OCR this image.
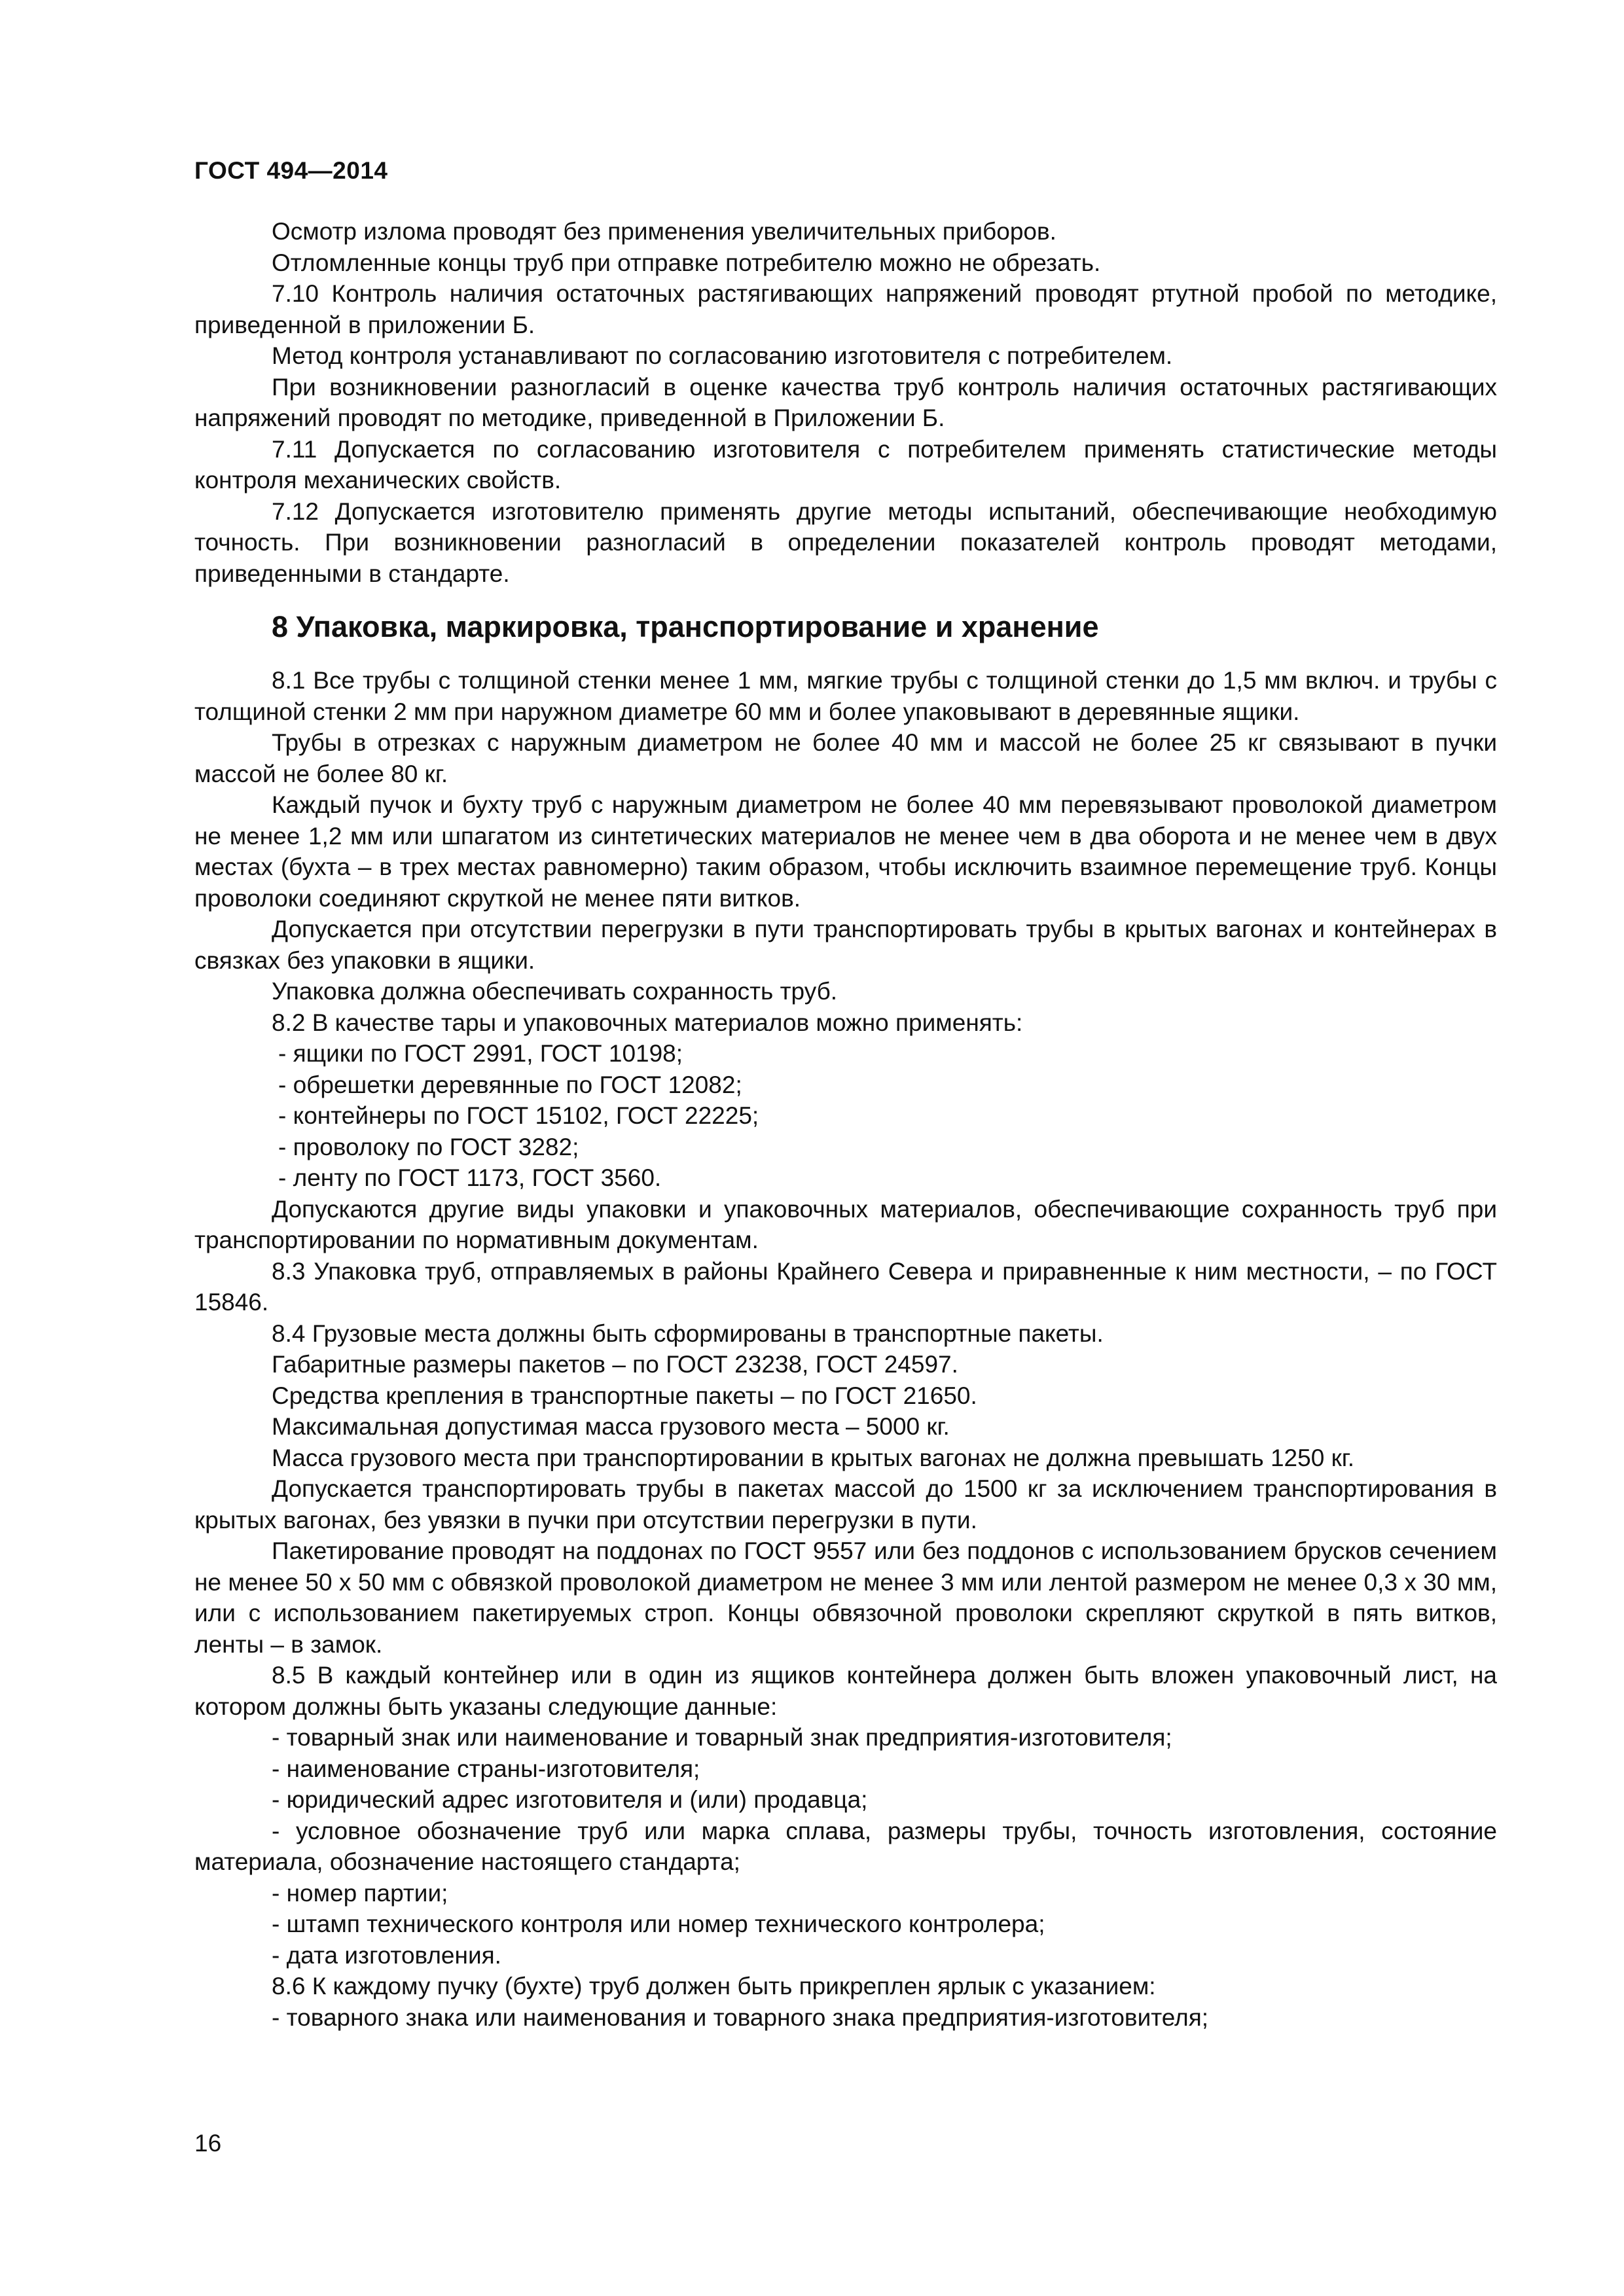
ГОСТ 494—2014

Осмотр излома проводят без применения увеличительных приборов.

Отломленные концы труб при отправке потребителю можно не обрезать.

7.10 Контроль наличия остаточных растягивающих напряжений проводят ртутной пробой по методике, приведенной в приложении Б.

Метод контроля устанавливают по согласованию изготовителя с потребителем.

При возникновении разногласий в оценке качества труб контроль наличия остаточных растягивающих напряжений проводят по методике, приведенной в Приложении Б.

7.11 Допускается по согласованию изготовителя с потребителем применять статистические методы контроля механических свойств.

7.12 Допускается изготовителю применять другие методы испытаний, обеспечивающие необходимую точность. При возникновении разногласий в определении показателей контроль проводят методами, приведенными в стандарте.

8 Упаковка, маркировка, транспортирование и хранение

8.1 Все трубы с толщиной стенки менее 1 мм, мягкие трубы с толщиной стенки до 1,5 мм включ. и трубы с толщиной стенки 2 мм при наружном диаметре 60 мм и более упаковывают в деревянные ящики.

Трубы в отрезках с наружным диаметром не более 40 мм и массой не более 25 кг связывают в пучки массой не более 80 кг.

Каждый пучок и бухту труб с наружным диаметром не более 40 мм перевязывают проволокой диаметром не менее 1,2 мм или шпагатом из синтетических материалов не менее чем в два оборота и не менее чем в двух местах (бухта – в трех местах равномерно) таким образом, чтобы исключить взаимное перемещение труб. Концы проволоки соединяют скруткой не менее пяти витков.

Допускается при отсутствии перегрузки в пути транспортировать трубы в крытых вагонах и контейнерах в связках без упаковки в ящики.

Упаковка должна обеспечивать сохранность труб.

8.2 В качестве тары и упаковочных материалов можно применять:

- ящики по ГОСТ 2991, ГОСТ 10198;

- обрешетки деревянные по ГОСТ 12082;

- контейнеры по ГОСТ 15102, ГОСТ 22225;

- проволоку по ГОСТ 3282;

- ленту по ГОСТ 1173, ГОСТ 3560.

Допускаются другие виды упаковки и упаковочных материалов, обеспечивающие сохранность труб при транспортировании по нормативным документам.

8.3 Упаковка труб, отправляемых в районы Крайнего Севера и приравненные к ним местности, – по ГОСТ 15846.

8.4 Грузовые места должны быть сформированы в транспортные пакеты.

Габаритные размеры пакетов – по ГОСТ 23238, ГОСТ 24597.

Средства крепления в транспортные пакеты – по ГОСТ 21650.

Максимальная допустимая масса грузового места – 5000 кг.

Масса грузового места при транспортировании в крытых вагонах не должна превышать 1250 кг.

Допускается транспортировать трубы в пакетах массой до 1500 кг за исключением транспортирования в крытых вагонах, без увязки в пучки при отсутствии перегрузки в пути.

Пакетирование проводят на поддонах по ГОСТ 9557 или без поддонов с использованием брусков сечением не менее 50 х 50 мм с обвязкой проволокой диаметром не менее 3 мм или лентой размером не менее 0,3 х 30 мм, или с использованием пакетируемых строп. Концы обвязочной проволоки скрепляют скруткой в пять витков, ленты – в замок.

8.5 В каждый контейнер или в один из ящиков контейнера должен быть вложен упаковочный лист, на котором должны быть указаны следующие данные:

- товарный знак или наименование и товарный знак предприятия-изготовителя;

- наименование страны-изготовителя;

- юридический адрес изготовителя и (или) продавца;

- условное обозначение труб или марка сплава, размеры трубы, точность изготовления, состояние материала, обозначение настоящего стандарта;

- номер партии;

- штамп технического контроля или номер технического контролера;

- дата изготовления.

8.6 К каждому пучку (бухте) труб должен быть прикреплен ярлык с указанием:

- товарного знака или наименования и товарного знака предприятия-изготовителя;

16
